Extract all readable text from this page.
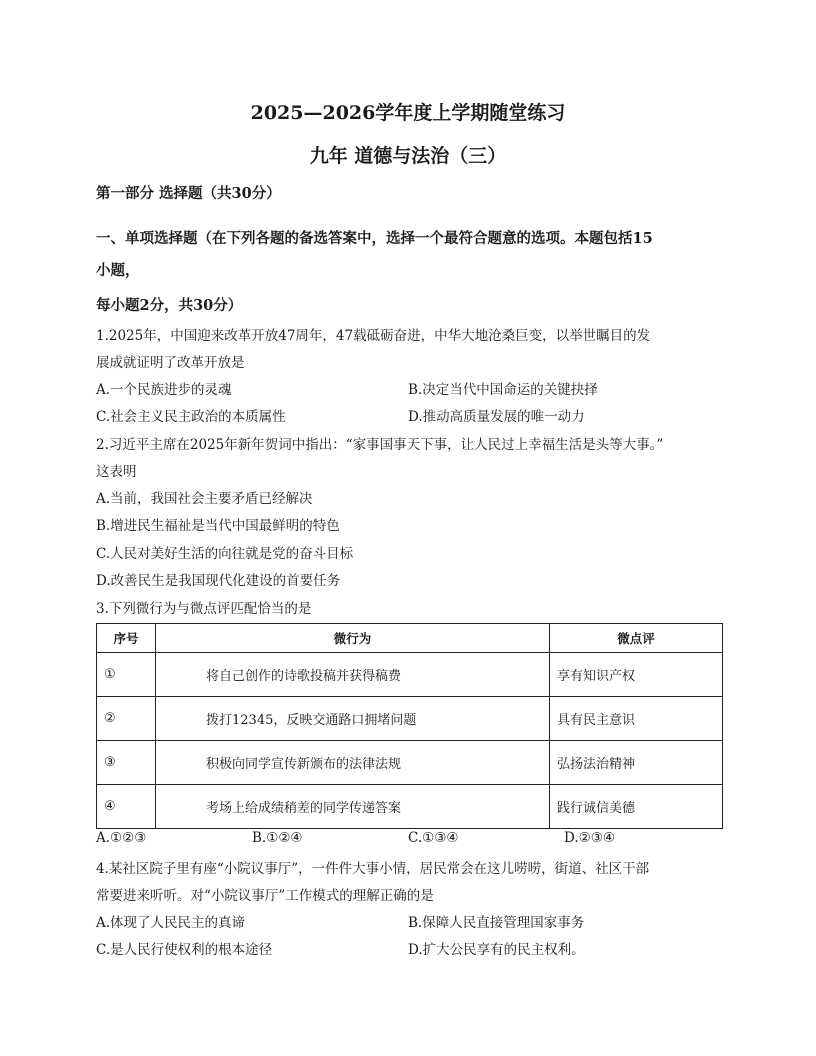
2025—2026学年度上学期随堂练习
九年 道德与法治（三）
第一部分 选择题（共30分）
一、单项选择题（在下列各题的备选答案中，选择一个最符合题意的选项。本题包括15
小题，
每小题2分，共30分）
1.2025年，中国迎来改革开放47周年，47载砥砺奋进，中华大地沧桑巨变，以举世瞩目的发
展成就证明了改革开放是
A.一个民族进步的灵魂	B.决定当代中国命运的关键抉择
C.社会主义民主政治的本质属性	D.推动高质量发展的唯一动力
2.习近平主席在2025年新年贺词中指出：“家事国事天下事，让人民过上幸福生活是头等大事。”
这表明
A.当前，我国社会主要矛盾已经解决
B.增进民生福祉是当代中国最鲜明的特色
C.人民对美好生活的向往就是党的奋斗目标
D.改善民生是我国现代化建设的首要任务
3.下列微行为与微点评匹配恰当的是
序号	微行为	微点评
①	将自己创作的诗歌投稿并获得稿费	享有知识产权
②	拨打12345，反映交通路口拥堵问题	具有民主意识
③	积极向同学宣传新颁布的法律法规	弘扬法治精神
④	考场上给成绩稍差的同学传递答案	践行诚信美德
A.①②③	B.①②④	C.①③④	D.②③④
4.某社区院子里有座“小院议事厅”，一件件大事小情，居民常会在这儿唠唠，街道、社区干部
常要进来听听。对“小院议事厅”工作模式的理解正确的是
A.体现了人民民主的真谛	B.保障人民直接管理国家事务
C.是人民行使权利的根本途径	D.扩大公民享有的民主权利。
